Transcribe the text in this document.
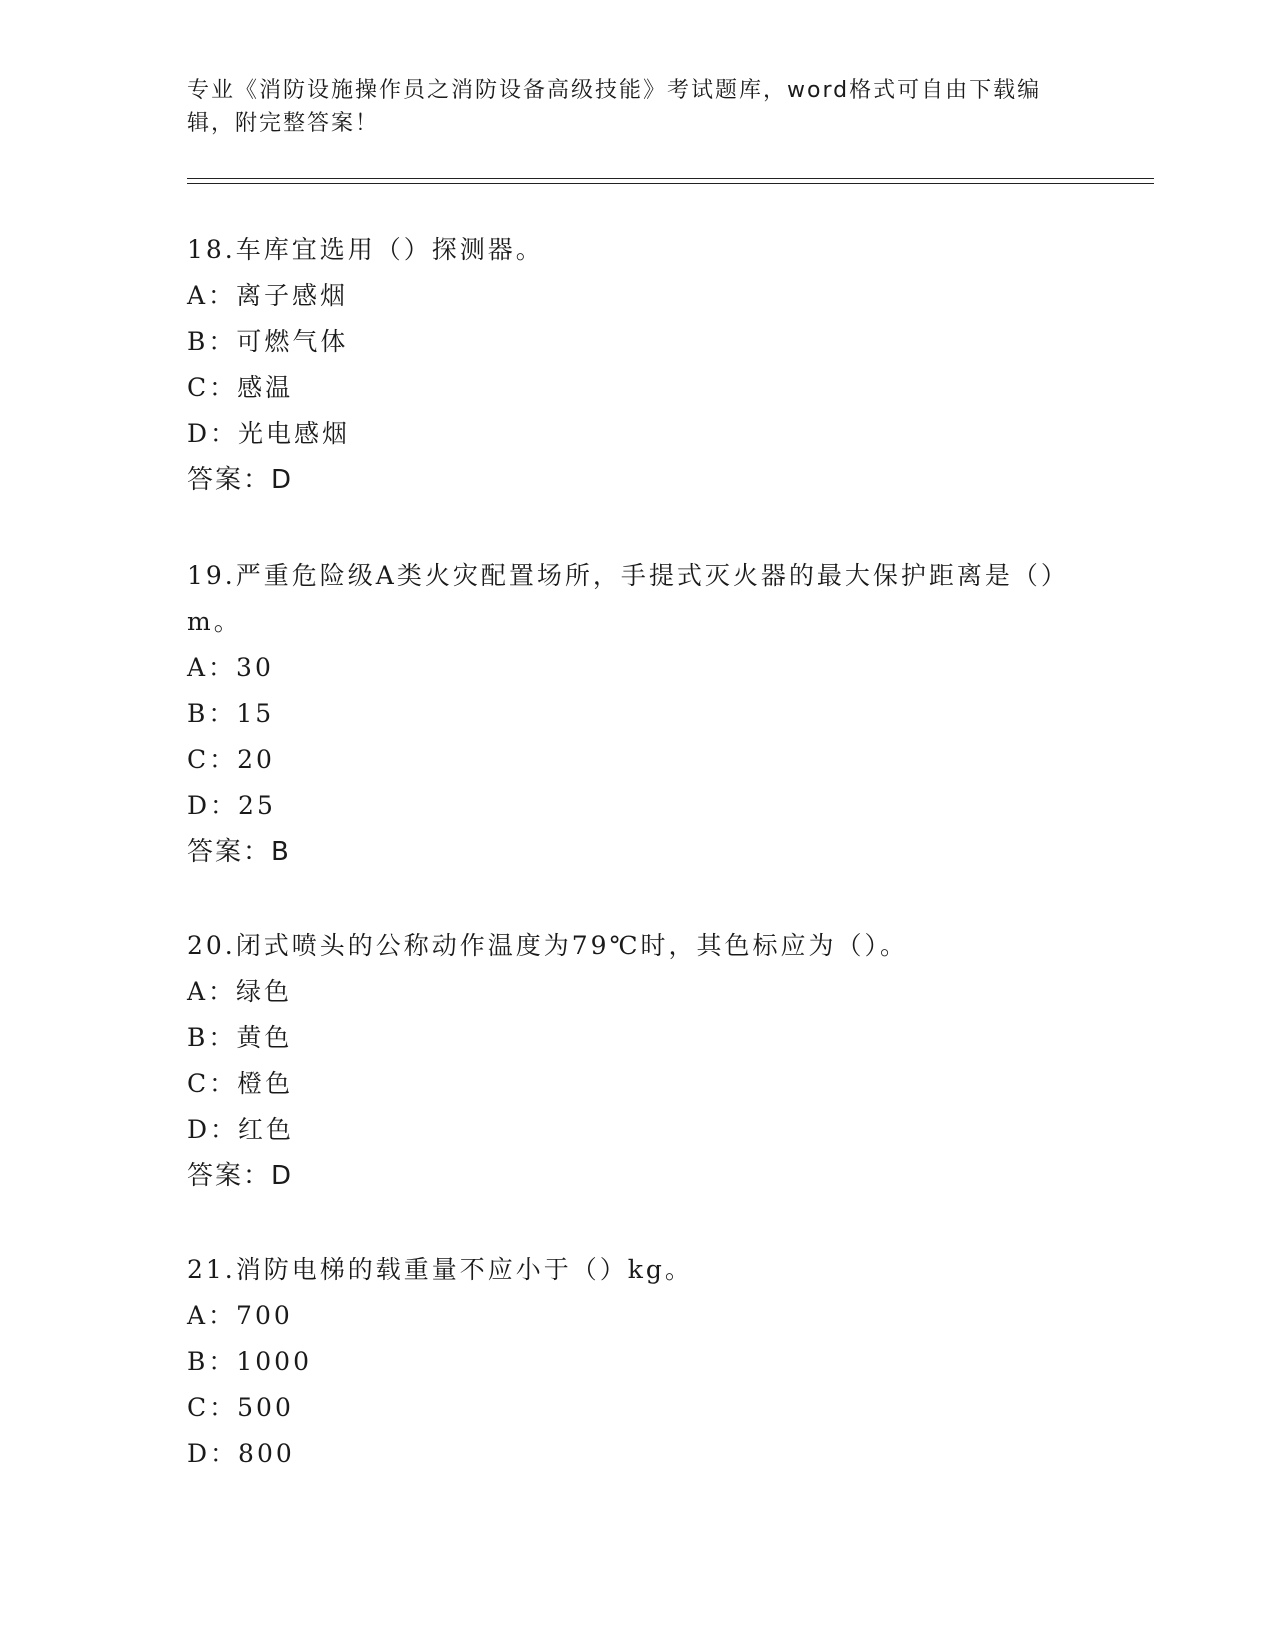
专业《消防设施操作员之消防设备高级技能》考试题库，word格式可自由下载编辑，附完整答案！
18.车库宜选用（）探测器。
A：离子感烟
B：可燃气体
C：感温
D：光电感烟
答案：D
19.严重危险级A类火灾配置场所，手提式灭火器的最大保护距离是（）m。
A：30
B：15
C：20
D：25
答案：B
20.闭式喷头的公称动作温度为79℃时，其色标应为（）。
A：绿色
B：黄色
C：橙色
D：红色
答案：D
21.消防电梯的载重量不应小于（）kg。
A：700
B：1000
C：500
D：800
